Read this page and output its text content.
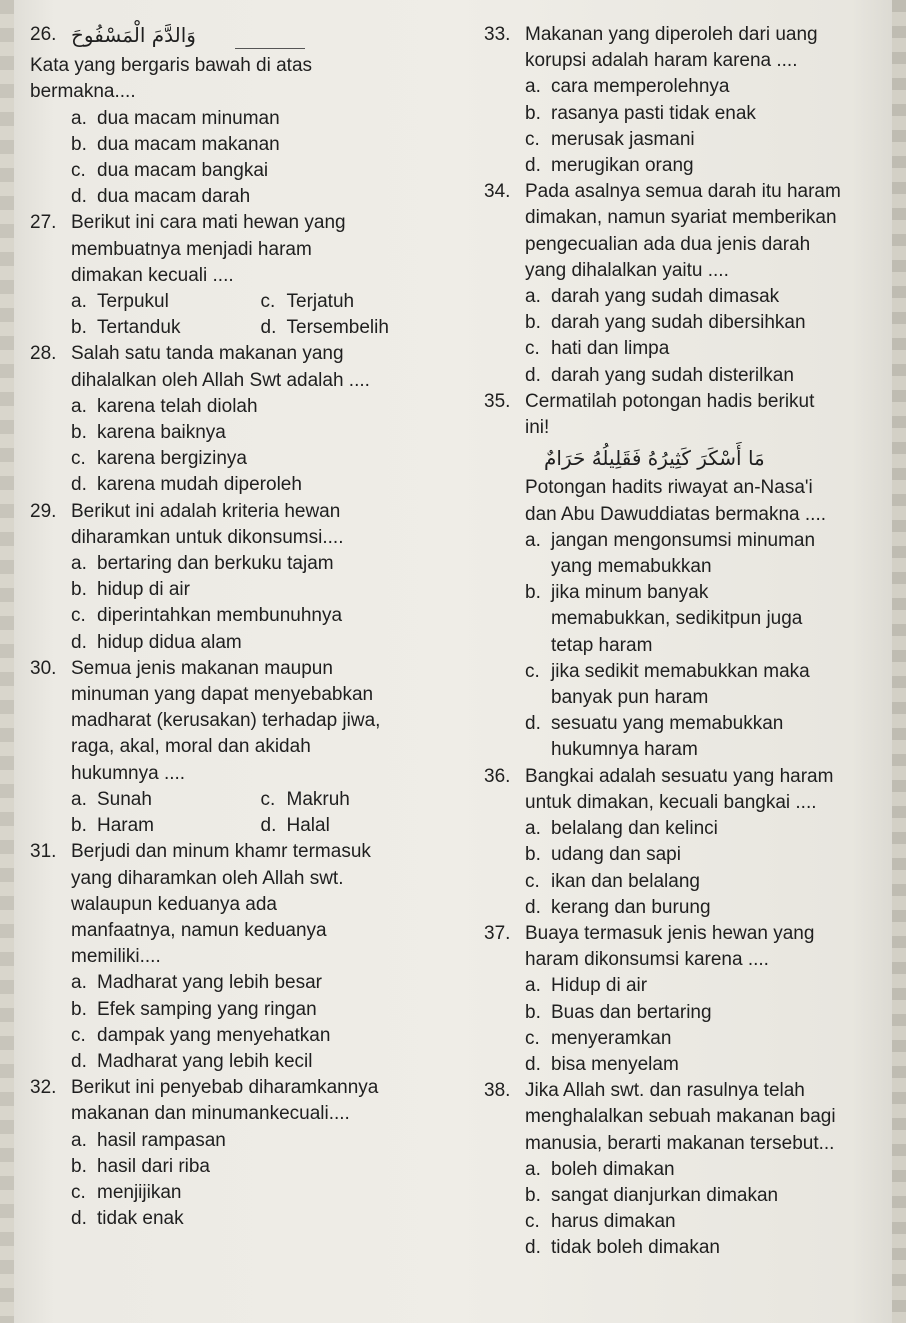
26. وَالدَّمَ الْمَسْفُوحَ
Kata yang bergaris bawah di atas
bermakna....
a. dua macam minuman
b. dua macam makanan
c. dua macam bangkai
d. dua macam darah
27. Berikut ini cara mati hewan yang
membuatnya menjadi haram
dimakan kecuali ....
a. Terpukul	c. Terjatuh
b. Tertanduk	d. Tersembelih
28. Salah satu tanda makanan yang
dihalalkan oleh Allah Swt adalah ....
a. karena telah diolah
b. karena baiknya
c. karena bergizinya
d. karena mudah diperoleh
29. Berikut ini adalah kriteria hewan
diharamkan untuk dikonsumsi....
a. bertaring dan berkuku tajam
b. hidup di air
c. diperintahkan membunuhnya
d. hidup didua alam
30. Semua jenis makanan maupun
minuman yang dapat menyebabkan
madharat (kerusakan) terhadap jiwa,
raga, akal, moral dan akidah
hukumnya ....
a. Sunah	c. Makruh
b. Haram	d. Halal
31. Berjudi dan minum khamr termasuk
yang diharamkan oleh Allah swt.
walaupun keduanya ada
manfaatnya, namun keduanya
memiliki....
a. Madharat yang lebih besar
b. Efek samping yang ringan
c. dampak yang menyehatkan
d. Madharat yang lebih kecil
32. Berikut ini penyebab diharamkannya
makanan dan minumankecuali....
a. hasil rampasan
b. hasil dari riba
c. menjijikan
d. tidak enak
33. Makanan yang diperoleh dari uang
korupsi adalah haram karena ....
a. cara memperolehnya
b. rasanya pasti tidak enak
c. merusak jasmani
d. merugikan orang
34. Pada asalnya semua darah itu haram
dimakan, namun syariat memberikan
pengecualian ada dua jenis darah
yang dihalalkan yaitu ....
a. darah yang sudah dimasak
b. darah yang sudah dibersihkan
c. hati dan limpa
d. darah yang sudah disterilkan
35. Cermatilah potongan hadis berikut
ini!
مَا أَسْكَرَ كَثِيرُهُ فَقَلِيلُهُ حَرَامٌ
Potongan hadits riwayat an-Nasa'i
dan Abu Dawuddiatas bermakna ....
a. jangan mengonsumsi minuman
yang memabukkan
b. jika minum banyak
memabukkan, sedikitpun juga
tetap haram
c. jika sedikit memabukkan maka
banyak pun haram
d. sesuatu yang memabukkan
hukumnya haram
36. Bangkai adalah sesuatu yang haram
untuk dimakan, kecuali bangkai ....
a. belalang dan kelinci
b. udang dan sapi
c. ikan dan belalang
d. kerang dan burung
37. Buaya termasuk jenis hewan yang
haram dikonsumsi karena ....
a. Hidup di air
b. Buas dan bertaring
c. menyeramkan
d. bisa menyelam
38. Jika Allah swt. dan rasulnya telah
menghalalkan sebuah makanan bagi
manusia, berarti makanan tersebut...
a. boleh dimakan
b. sangat dianjurkan dimakan
c. harus dimakan
d. tidak boleh dimakan
